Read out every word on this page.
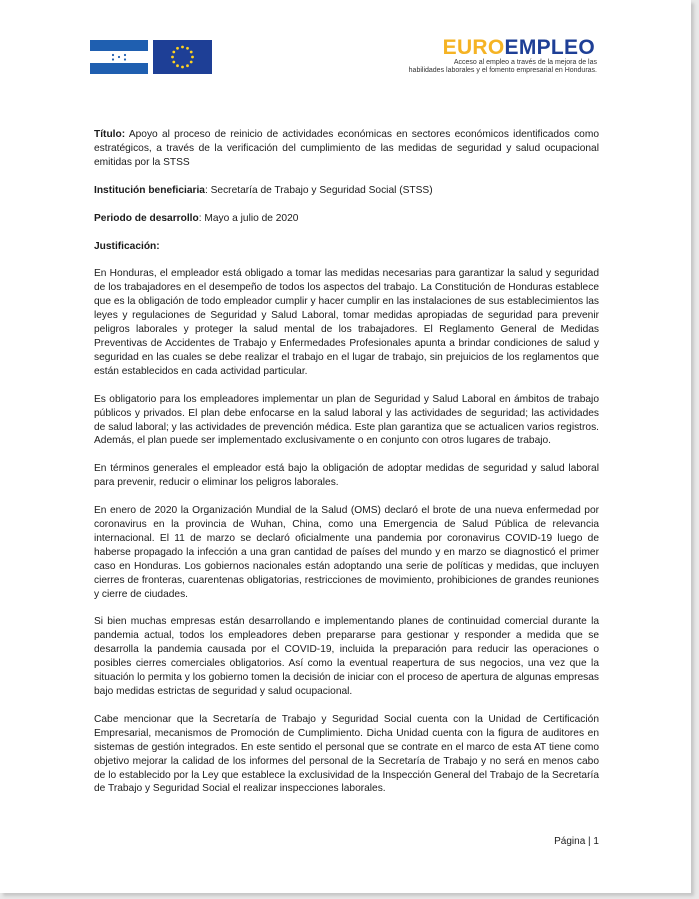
EUROEMPLEO
Acceso al empleo a través de la mejora de las
habilidades laborales y el fomento empresarial en Honduras.

Título: Apoyo al proceso de reinicio de actividades económicas en sectores económicos identificados como estratégicos, a través de la verificación del cumplimiento de las medidas de seguridad y salud ocupacional emitidas por la STSS

Institución beneficiaria: Secretaría de Trabajo y Seguridad Social (STSS)

Periodo de desarrollo: Mayo a julio de 2020

Justificación:

En Honduras, el empleador está obligado a tomar las medidas necesarias para garantizar la salud y seguridad de los trabajadores en el desempeño de todos los aspectos del trabajo. La Constitución de Honduras establece que es la obligación de todo empleador cumplir y hacer cumplir en las instalaciones de sus establecimientos las leyes y regulaciones de Seguridad y Salud Laboral, tomar medidas apropiadas de seguridad para prevenir peligros laborales y proteger la salud mental de los trabajadores. El Reglamento General de Medidas Preventivas de Accidentes de Trabajo y Enfermedades Profesionales apunta a brindar condiciones de salud y seguridad en las cuales se debe realizar el trabajo en el lugar de trabajo, sin prejuicios de los reglamentos que están establecidos en cada actividad particular.

Es obligatorio para los empleadores implementar un plan de Seguridad y Salud Laboral en ámbitos de trabajo públicos y privados. El plan debe enfocarse en la salud laboral y las actividades de seguridad; las actividades de salud laboral; y las actividades de prevención médica. Este plan garantiza que se actualicen varios registros. Además, el plan puede ser implementado exclusivamente o en conjunto con otros lugares de trabajo.

En términos generales el empleador está bajo la obligación de adoptar medidas de seguridad y salud laboral para prevenir, reducir o eliminar los peligros laborales.

En enero de 2020 la Organización Mundial de la Salud (OMS) declaró el brote de una nueva enfermedad por coronavirus en la provincia de Wuhan, China, como una Emergencia de Salud Pública de relevancia internacional. El 11 de marzo se declaró oficialmente una pandemia por coronavirus COVID-19 luego de haberse propagado la infección a una gran cantidad de países del mundo y en marzo se diagnosticó el primer caso en Honduras. Los gobiernos nacionales están adoptando una serie de políticas y medidas, que incluyen cierres de fronteras, cuarentenas obligatorias, restricciones de movimiento, prohibiciones de grandes reuniones y cierre de ciudades.

Si bien muchas empresas están desarrollando e implementando planes de continuidad comercial durante la pandemia actual, todos los empleadores deben prepararse para gestionar y responder a medida que se desarrolla la pandemia causada por el COVID-19, incluida la preparación para reducir las operaciones o posibles cierres comerciales obligatorios. Así como la eventual reapertura de sus negocios, una vez que la situación lo permita y los gobierno tomen la decisión de iniciar con el proceso de apertura de algunas empresas bajo medidas estrictas de seguridad y salud ocupacional.

Cabe mencionar que la Secretaría de Trabajo y Seguridad Social cuenta con la Unidad de Certificación Empresarial, mecanismos de Promoción de Cumplimiento. Dicha Unidad cuenta con la figura de auditores en sistemas de gestión integrados. En este sentido el personal que se contrate en el marco de esta AT tiene como objetivo mejorar la calidad de los informes del personal de la Secretaría de Trabajo y no será en menos cabo de lo establecido por la Ley que establece la exclusividad de la Inspección General del Trabajo de la Secretaría de Trabajo y Seguridad Social el realizar inspecciones laborales.

Página | 1
